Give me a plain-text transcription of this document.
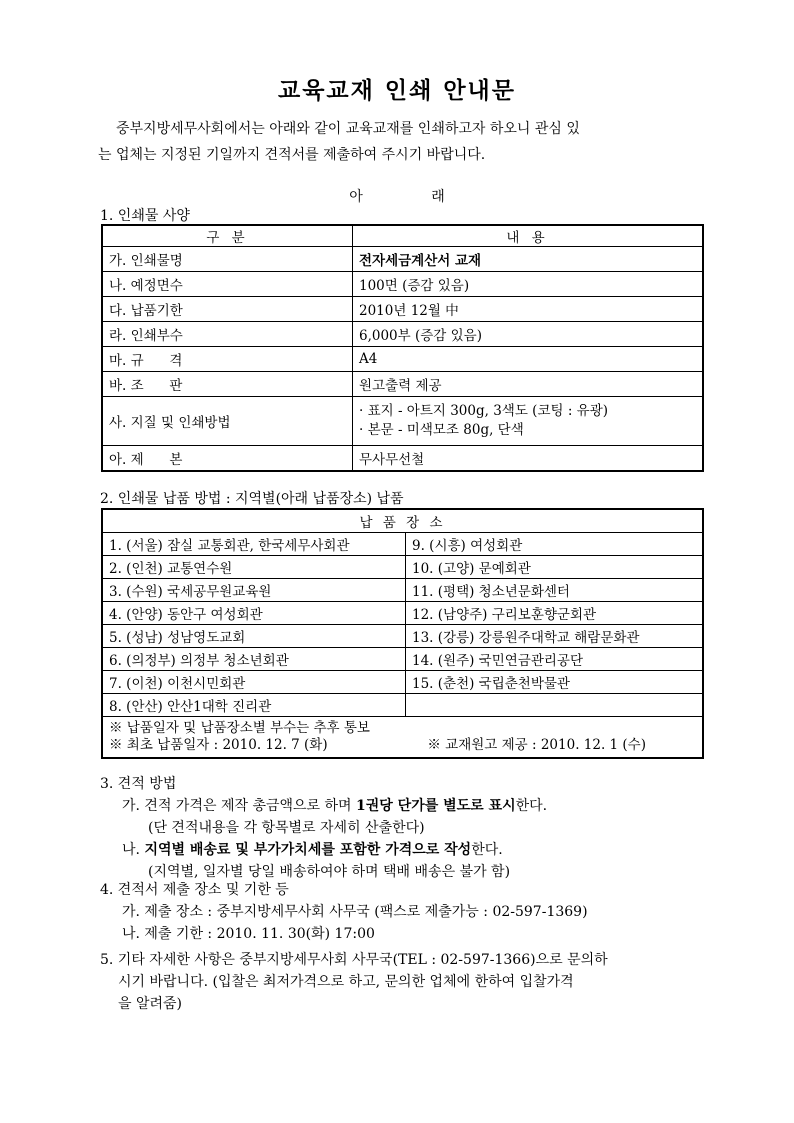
교육교재 인쇄 안내문
중부지방세무사회에서는 아래와 같이 교육교재를 인쇄하고자 하오니 관심 있
는 업체는 지정된 기일까지 견적서를 제출하여 주시기 바랍니다.
아 래
1. 인쇄물 사양
구 분	내 용
가. 인쇄물명	전자세금계산서 교재
나. 예정면수	100면 (증감 있음)
다. 납품기한	2010년 12월 中
라. 인쇄부수	6,000부 (증감 있음)
마. 규      격	A4
바. 조      판	원고출력 제공
사. 지질 및 인쇄방법	· 표지 - 아트지 300g, 3색도 (코팅 : 유광)
· 본문 - 미색모조 80g, 단색

아. 제      본	무사무선철
2. 인쇄물 납품 방법 : 지역별(아래 납품장소) 납품
납 품 장 소	
1. (서울) 잠실 교통회관, 한국세무사회관	9. (시흥) 여성회관
2. (인천) 교통연수원	10. (고양) 문예회관
3. (수원) 국세공무원교육원	11. (평택) 청소년문화센터
4. (안양) 동안구 여성회관	12. (남양주) 구리보훈향군회관
5. (성남) 성남영도교회	13. (강릉) 강릉원주대학교 해람문화관
6. (의정부) 의정부 청소년회관	14. (원주) 국민연금관리공단
7. (이천) 이천시민회관	15. (춘천) 국립춘천박물관
8. (안산) 안산1대학 진리관	

※ 납품일자 및 납품장소별 부수는 추후 통보
※ 최초 납품일자 : 2010. 12. 7 (화) ※ 교재원고 제공 : 2010. 12. 1 (수)	
3. 견적 방법
가. 견적 가격은 제작 총금액으로 하며 1권당 단가를 별도로 표시한다.
(단 견적내용을 각 항목별로 자세히 산출한다)
나. 지역별 배송료 및 부가가치세를 포함한 가격으로 작성한다.
(지역별, 일자별 당일 배송하여야 하며 택배 배송은 불가 함)
4. 견적서 제출 장소 및 기한 등
가. 제출 장소 : 중부지방세무사회 사무국 (팩스로 제출가능 : 02-597-1369)
나. 제출 기한 : 2010. 11. 30(화) 17:00
5. 기타 자세한 사항은 중부지방세무사회 사무국(TEL : 02-597-1366)으로 문의하
시기 바랍니다. (입찰은 최저가격으로 하고, 문의한 업체에 한하여 입찰가격
을 알려줌)
